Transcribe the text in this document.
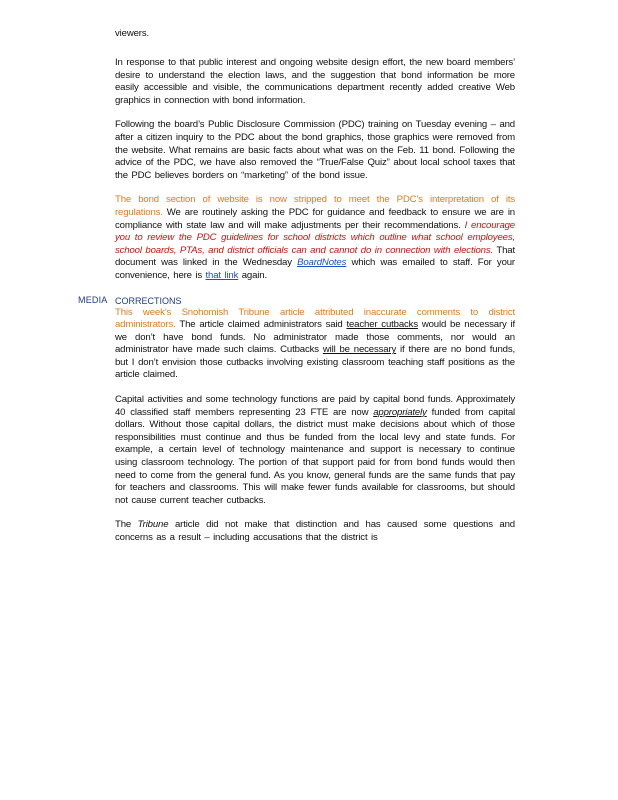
viewers.

In response to that public interest and ongoing website design effort, the new board members’ desire to understand the election laws, and the suggestion that bond information be more easily accessible and visible, the communications department recently added creative Web graphics in connection with bond information.

Following the board’s Public Disclosure Commission (PDC) training on Tuesday evening – and after a citizen inquiry to the PDC about the bond graphics, those graphics were removed from the website. What remains are basic facts about what was on the Feb. 11 bond. Following the advice of the PDC, we have also removed the “True/False Quiz” about local school taxes that the PDC believes borders on “marketing” of the bond issue.

The bond section of website is now stripped to meet the PDC’s interpretation of its regulations. We are routinely asking the PDC for guidance and feedback to ensure we are in compliance with state law and will make adjustments per their recommendations. I encourage you to review the PDC guidelines for school districts which outline what school employees, school boards, PTAs, and district officials can and cannot do in connection with elections. That document was linked in the Wednesday BoardNotes which was emailed to staff. For your convenience, here is that link again.

CORRECTIONS

This week’s Snohomish Tribune article attributed inaccurate comments to district administrators. The article claimed administrators said teacher cutbacks would be necessary if we don’t have bond funds. No administrator made those comments, nor would an administrator have made such claims. Cutbacks will be necessary if there are no bond funds, but I don’t envision those cutbacks involving existing classroom teaching staff positions as the article claimed.

Capital activities and some technology functions are paid by capital bond funds. Approximately 40 classified staff members representing 23 FTE are now appropriately funded from capital dollars. Without those capital dollars, the district must make decisions about which of those responsibilities must continue and thus be funded from the local levy and state funds. For example, a certain level of technology maintenance and support is necessary to continue using classroom technology. The portion of that support paid for from bond funds would then need to come from the general fund. As you know, general funds are the same funds that pay for teachers and classrooms. This will make fewer funds available for classrooms, but should not cause current teacher cutbacks.

The Tribune article did not make that distinction and has caused some questions and concerns as a result – including accusations that the district is

MEDIA
